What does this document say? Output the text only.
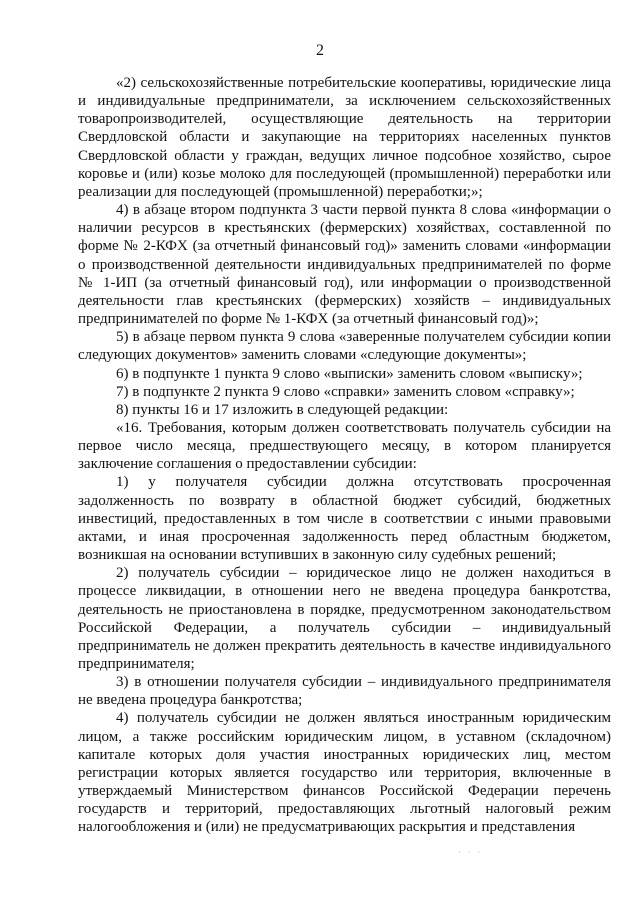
2

«2) сельскохозяйственные потребительские кооперативы, юридические лица и индивидуальные предприниматели, за исключением сельскохозяйственных товаропроизводителей, осуществляющие деятельность на территории Свердловской области и закупающие на территориях населенных пунктов Свердловской области у граждан, ведущих личное подсобное хозяйство, сырое коровье и (или) козье молоко для последующей (промышленной) переработки или реализации для последующей (промышленной) переработки;»;

4) в абзаце втором подпункта 3 части первой пункта 8 слова «информации о наличии ресурсов в крестьянских (фермерских) хозяйствах, составленной по форме № 2-КФХ (за отчетный финансовый год)» заменить словами «информации о производственной деятельности индивидуальных предпринимателей по форме № 1-ИП (за отчетный финансовый год), или информации о производственной деятельности глав крестьянских (фермерских) хозяйств – индивидуальных предпринимателей по форме № 1-КФХ (за отчетный финансовый год)»;

5) в абзаце первом пункта 9 слова «заверенные получателем субсидии копии следующих документов» заменить словами «следующие документы»;

6) в подпункте 1 пункта 9 слово «выписки» заменить словом «выписку»;

7) в подпункте 2 пункта 9 слово «справки» заменить словом «справку»;

8) пункты 16 и 17 изложить в следующей редакции:

«16. Требования, которым должен соответствовать получатель субсидии на первое число месяца, предшествующего месяцу, в котором планируется заключение соглашения о предоставлении субсидии:

1) у получателя субсидии должна отсутствовать просроченная задолженность по возврату в областной бюджет субсидий, бюджетных инвестиций, предоставленных в том числе в соответствии с иными правовыми актами, и иная просроченная задолженность перед областным бюджетом, возникшая на основании вступивших в законную силу судебных решений;

2) получатель субсидии – юридическое лицо не должен находиться в процессе ликвидации, в отношении него не введена процедура банкротства, деятельность не приостановлена в порядке, предусмотренном законодательством Российской Федерации, а получатель субсидии – индивидуальный предприниматель не должен прекратить деятельность в качестве индивидуального предпринимателя;

3) в отношении получателя субсидии – индивидуального предпринимателя не введена процедура банкротства;

4) получатель субсидии не должен являться иностранным юридическим лицом, а также российским юридическим лицом, в уставном (складочном) капитале которых доля участия иностранных юридических лиц, местом регистрации которых является государство или территория, включенные в утверждаемый Министерством финансов Российской Федерации перечень государств и территорий, предоставляющих льготный налоговый режим налогообложения и (или) не предусматривающих раскрытия и представления

· · ·
